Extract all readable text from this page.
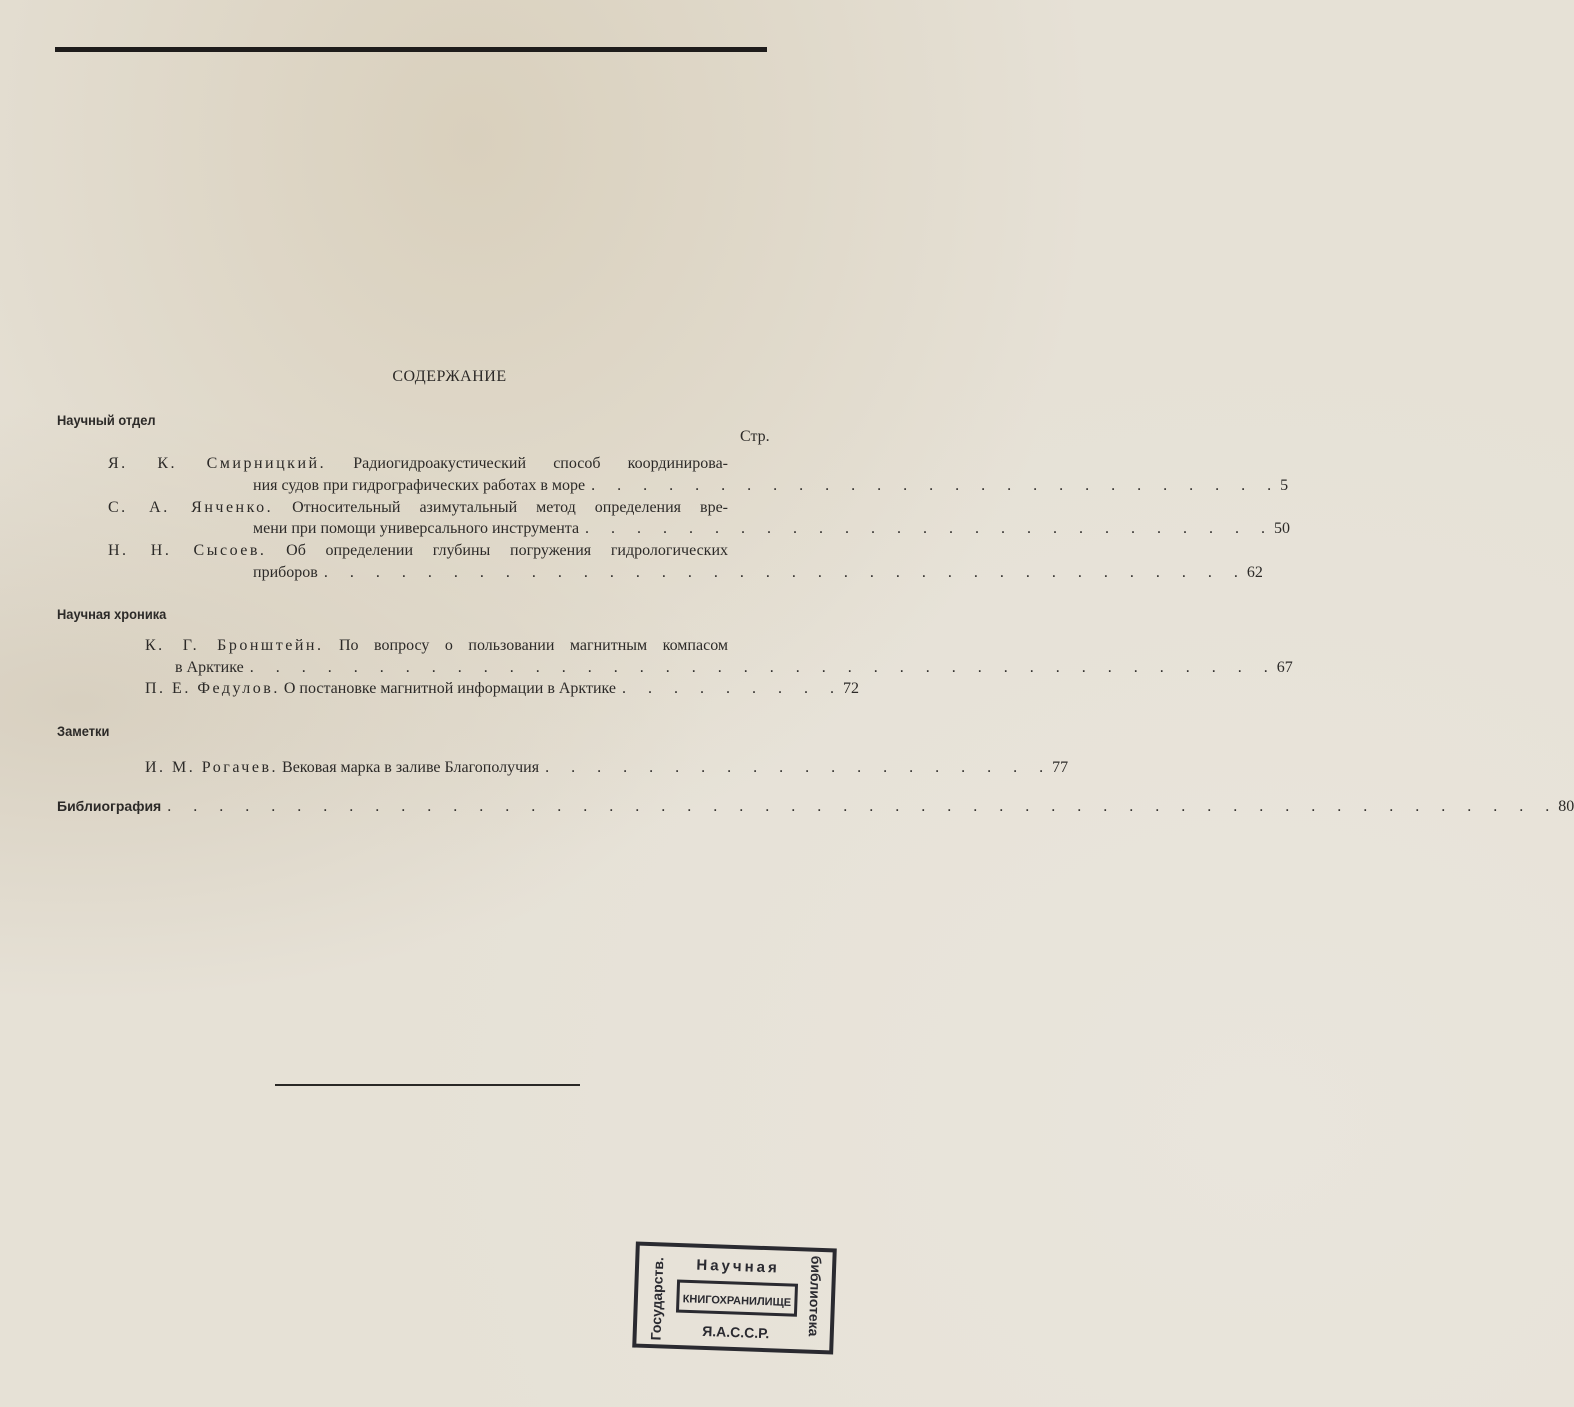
СОДЕРЖАНИЕ
Научный отдел
Стр.
Я. К. Смирницкий. Радиогидроакустический способ координирова-
ния судов при гидрографических работах в море . . . . . . . . . . . . . . . . . . . . . . . . . . . 5
С. А. Янченко. Относительный азимутальный метод определения вре-
мени при помощи универсального инструмента . . . . . . . . . . . . . . . . . . . . . . . . . . . 50
Н. Н. Сысоев. Об определении глубины погружения гидрологических
приборов . . . . . . . . . . . . . . . . . . . . . . . . . . . . . . . . . . . . 62
Научная хроника
К. Г. Бронштейн. По вопросу о пользовании магнитным компасом
в Арктике . . . . . . . . . . . . . . . . . . . . . . . . . . . . . . . . . . . . . . . . 67
П. Е. Федулов. О постановке магнитной информации в Арктике . . . . . . . . . 72
Заметки
И. М. Рогачев. Вековая марка в заливе Благополучия . . . . . . . . . . . . . . . . . . . . 77
Библиография . . . . . . . . . . . . . . . . . . . . . . . . . . . . . . . . . . . . . . . . . . . . . . . . . . . . . . 80
Научная
КНИГОХРАНИЛИЩЕ
Я.А.С.С.Р.
Государств.	библиотека
